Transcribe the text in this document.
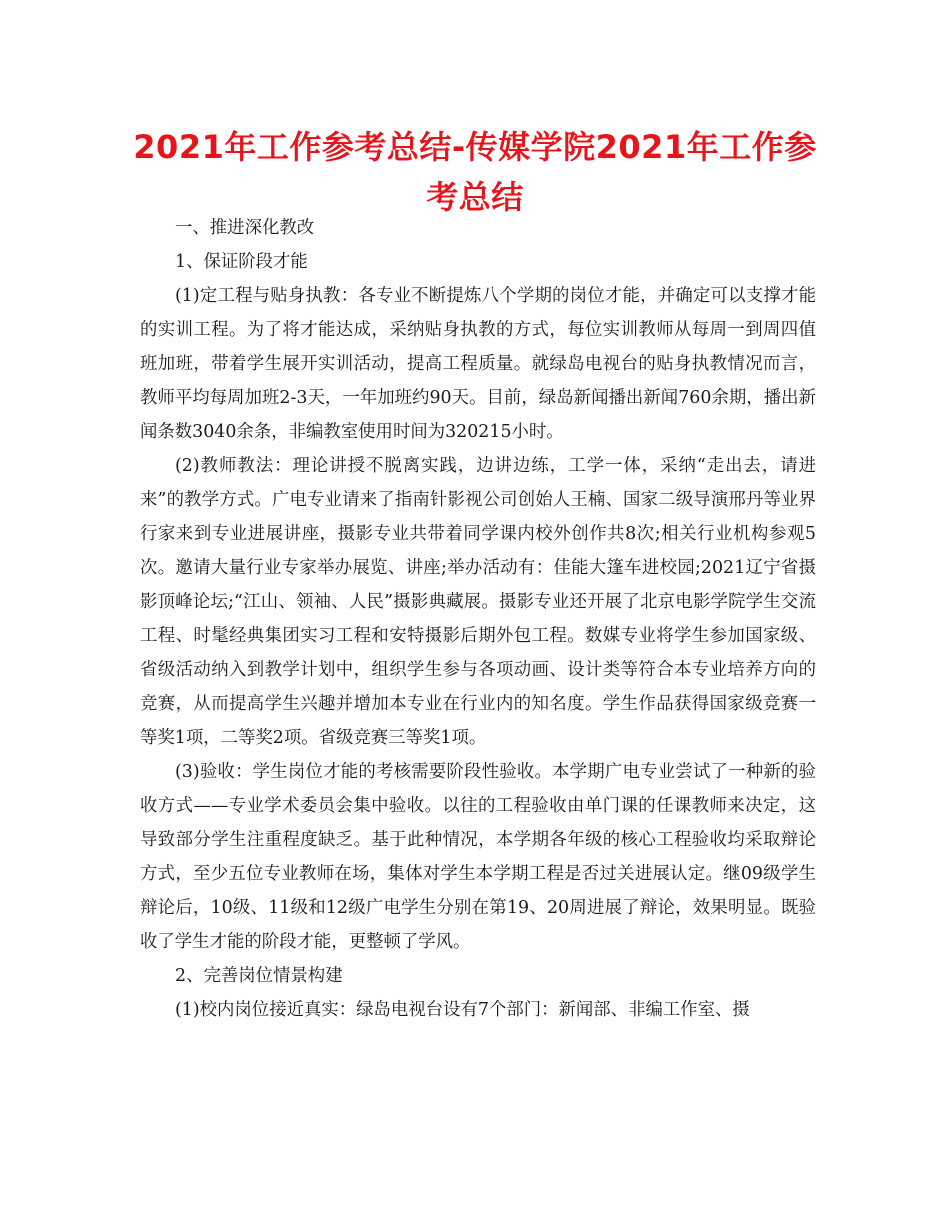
2021年工作参考总结-传媒学院2021年工作参考总结

一、推进深化教改

1、保证阶段才能

(1)定工程与贴身执教：各专业不断提炼八个学期的岗位才能，并确定可以支撑才能的实训工程。为了将才能达成，采纳贴身执教的方式，每位实训教师从每周一到周四值班加班，带着学生展开实训活动，提高工程质量。就绿岛电视台的贴身执教情况而言，教师平均每周加班2-3天，一年加班约90天。目前，绿岛新闻播出新闻760余期，播出新闻条数3040余条，非编教室使用时间为320215小时。

(2)教师教法：理论讲授不脱离实践，边讲边练，工学一体，采纳“走出去，请进来”的教学方式。广电专业请来了指南针影视公司创始人王楠、国家二级导演邢丹等业界行家来到专业进展讲座，摄影专业共带着同学课内校外创作共8次;相关行业机构参观5次。邀请大量行业专家举办展览、讲座;举办活动有：佳能大篷车进校园;2021辽宁省摄影顶峰论坛;“江山、领袖、人民”摄影典藏展。摄影专业还开展了北京电影学院学生交流工程、时髦经典集团实习工程和安特摄影后期外包工程。数媒专业将学生参加国家级、省级活动纳入到教学计划中，组织学生参与各项动画、设计类等符合本专业培养方向的竞赛，从而提高学生兴趣并增加本专业在行业内的知名度。学生作品获得国家级竞赛一等奖1项，二等奖2项。省级竞赛三等奖1项。

(3)验收：学生岗位才能的考核需要阶段性验收。本学期广电专业尝试了一种新的验收方式——专业学术委员会集中验收。以往的工程验收由单门课的任课教师来决定，这导致部分学生注重程度缺乏。基于此种情况，本学期各年级的核心工程验收均采取辩论方式，至少五位专业教师在场，集体对学生本学期工程是否过关进展认定。继09级学生辩论后，10级、11级和12级广电学生分别在第19、20周进展了辩论，效果明显。既验收了学生才能的阶段才能，更整顿了学风。

2、完善岗位情景构建

(1)校内岗位接近真实：绿岛电视台设有7个部门：新闻部、非编工作室、摄
